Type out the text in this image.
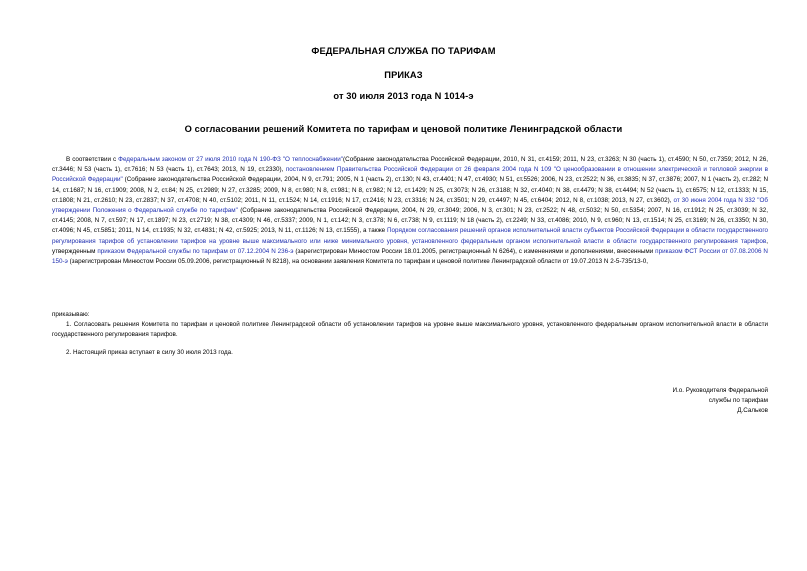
ФЕДЕРАЛЬНАЯ СЛУЖБА ПО ТАРИФАМ
ПРИКАЗ
от 30 июля 2013 года N 1014-э
О согласовании решений Комитета по тарифам и ценовой политике Ленинградской области
В соответствии с Федеральным законом от 27 июля 2010 года N 190-ФЗ "О теплоснабжении"(Собрание законодательства Российской Федерации, 2010, N 31, ст.4159; 2011, N 23, ст.3263; N 30 (часть 1), ст.4590; N 50, ст.7359; 2012, N 26, ст.3446; N 53 (часть 1), ст.7616; N 53 (часть 1), ст.7643; 2013, N 19, ст.2330), постановлением Правительства Российской Федерации от 26 февраля 2004 года N 109 "О ценообразовании в отношении электрической и тепловой энергии в Российской Федерации" (Собрание законодательства Российской Федерации, 2004, N 9, ст.791; 2005, N 1 (часть 2), ст.130; N 43, ст.4401; N 47, ст.4930; N 51, ст.5526; 2006, N 23, ст.2522; N 36, ст.3835; N 37, ст.3876; 2007, N 1 (часть 2), ст.282; N 14, ст.1687; N 16, ст.1909; 2008, N 2, ст.84; N 25, ст.2989; N 27, ст.3285; 2009, N 8, ст.980; N 8, ст.981; N 8, ст.982; N 12, ст.1429; N 25, ст.3073; N 26, ст.3188; N 32, ст.4040; N 38, ст.4479; N 38, ст.4494; N 52 (часть 1), ст.6575; N 12, ст.1333; N 15, ст.1808; N 21, ст.2610; N 23, ст.2837; N 37, ст.4708; N 40, ст.5102; 2011, N 11, ст.1524; N 14, ст.1916; N 17, ст.2416; N 23, ст.3316; N 24, ст.3501; N 29, ст.4497; N 45, ст.6404; 2012, N 8, ст.1038; 2013, N 27, ст.3602), от 30 июня 2004 года N 332 "Об утверждении Положения о Федеральной службе по тарифам" (Собрание законодательства Российской Федерации, 2004, N 29, ст.3049; 2006, N 3, ст.301; N 23, ст.2522; N 48, ст.5032; N 50, ст.5354; 2007, N 16, ст.1912; N 25, ст.3039; N 32, ст.4145; 2008, N 7, ст.597; N 17, ст.1897; N 23, ст.2719; N 38, ст.4309; N 46, ст.5337; 2009, N 1, ст.142; N 3, ст.378; N 6, ст.738; N 9, ст.1119; N 18 (часть 2), ст.2249; N 33, ст.4086; 2010, N 9, ст.960; N 13, ст.1514; N 25, ст.3169; N 26, ст.3350; N 30, ст.4096; N 45, ст.5851; 2011, N 14, ст.1935; N 32, ст.4831; N 42, ст.5925; 2013, N 11, ст.1126; N 13, ст.1555), а также Порядком согласования решений органов исполнительной власти субъектов Российской Федерации в области государственного регулирования тарифов об установлении тарифов на уровне выше максимального или ниже минимального уровня, установленного федеральным органом исполнительной власти в области государственного регулирования тарифов, утвержденным приказом Федеральной службы по тарифам от 07.12.2004 N 236-э (зарегистрирован Минюстом России 18.01.2005, регистрационный N 6264), с изменениями и дополнениями, внесенными приказом ФСТ России от 07.08.2006 N 150-э (зарегистрирован Минюстом России 05.09.2006, регистрационный N 8218), на основании заявления Комитета по тарифам и ценовой политике Ленинградской области от 19.07.2013 N 2-5-735/13-0,
приказываю:
1. Согласовать решения Комитета по тарифам и ценовой политике Ленинградской области об установлении тарифов на уровне выше максимального уровня, установленного федеральным органом исполнительной власти в области государственного регулирования тарифов.
2. Настоящий приказ вступает в силу 30 июля 2013 года.
И.о. Руководителя Федеральной
службы по тарифам
Д.Сальков
